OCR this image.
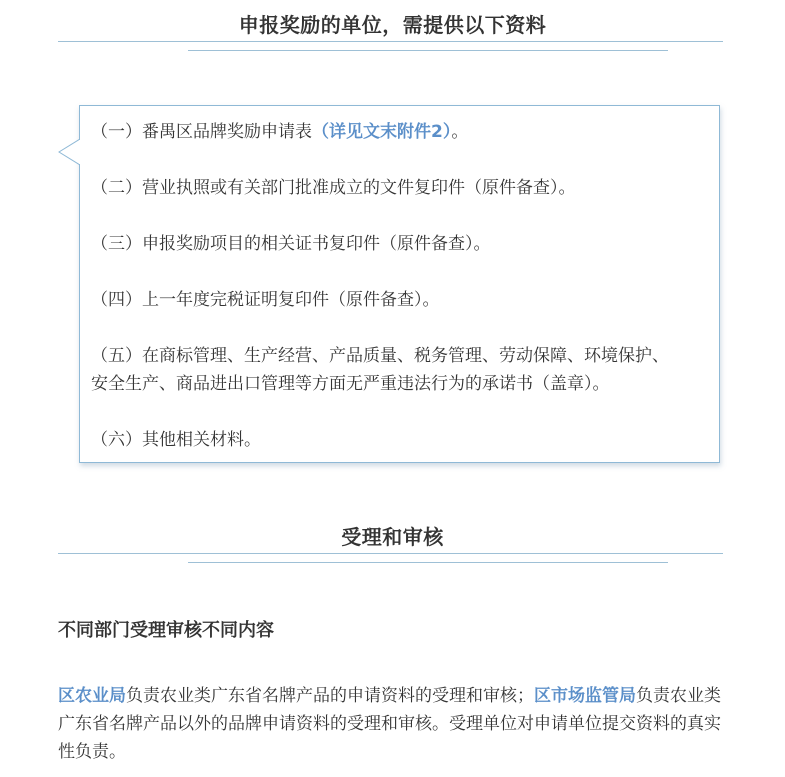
申报奖励的单位，需提供以下资料
（一）番禺区品牌奖励申请表（详见文末附件2）。
（二）营业执照或有关部门批准成立的文件复印件（原件备查）。
（三）申报奖励项目的相关证书复印件（原件备查）。
（四）上一年度完税证明复印件（原件备查）。
（五）在商标管理、生产经营、产品质量、税务管理、劳动保障、环境保护、
安全生产、商品进出口管理等方面无严重违法行为的承诺书（盖章）。
（六）其他相关材料。
受理和审核
不同部门受理审核不同内容

区农业局负责农业类广东省名牌产品的申请资料的受理和审核；区市场监管局负责农业类广东省名牌产品以外的品牌申请资料的受理和审核。受理单位对申请单位提交资料的真实性负责。
